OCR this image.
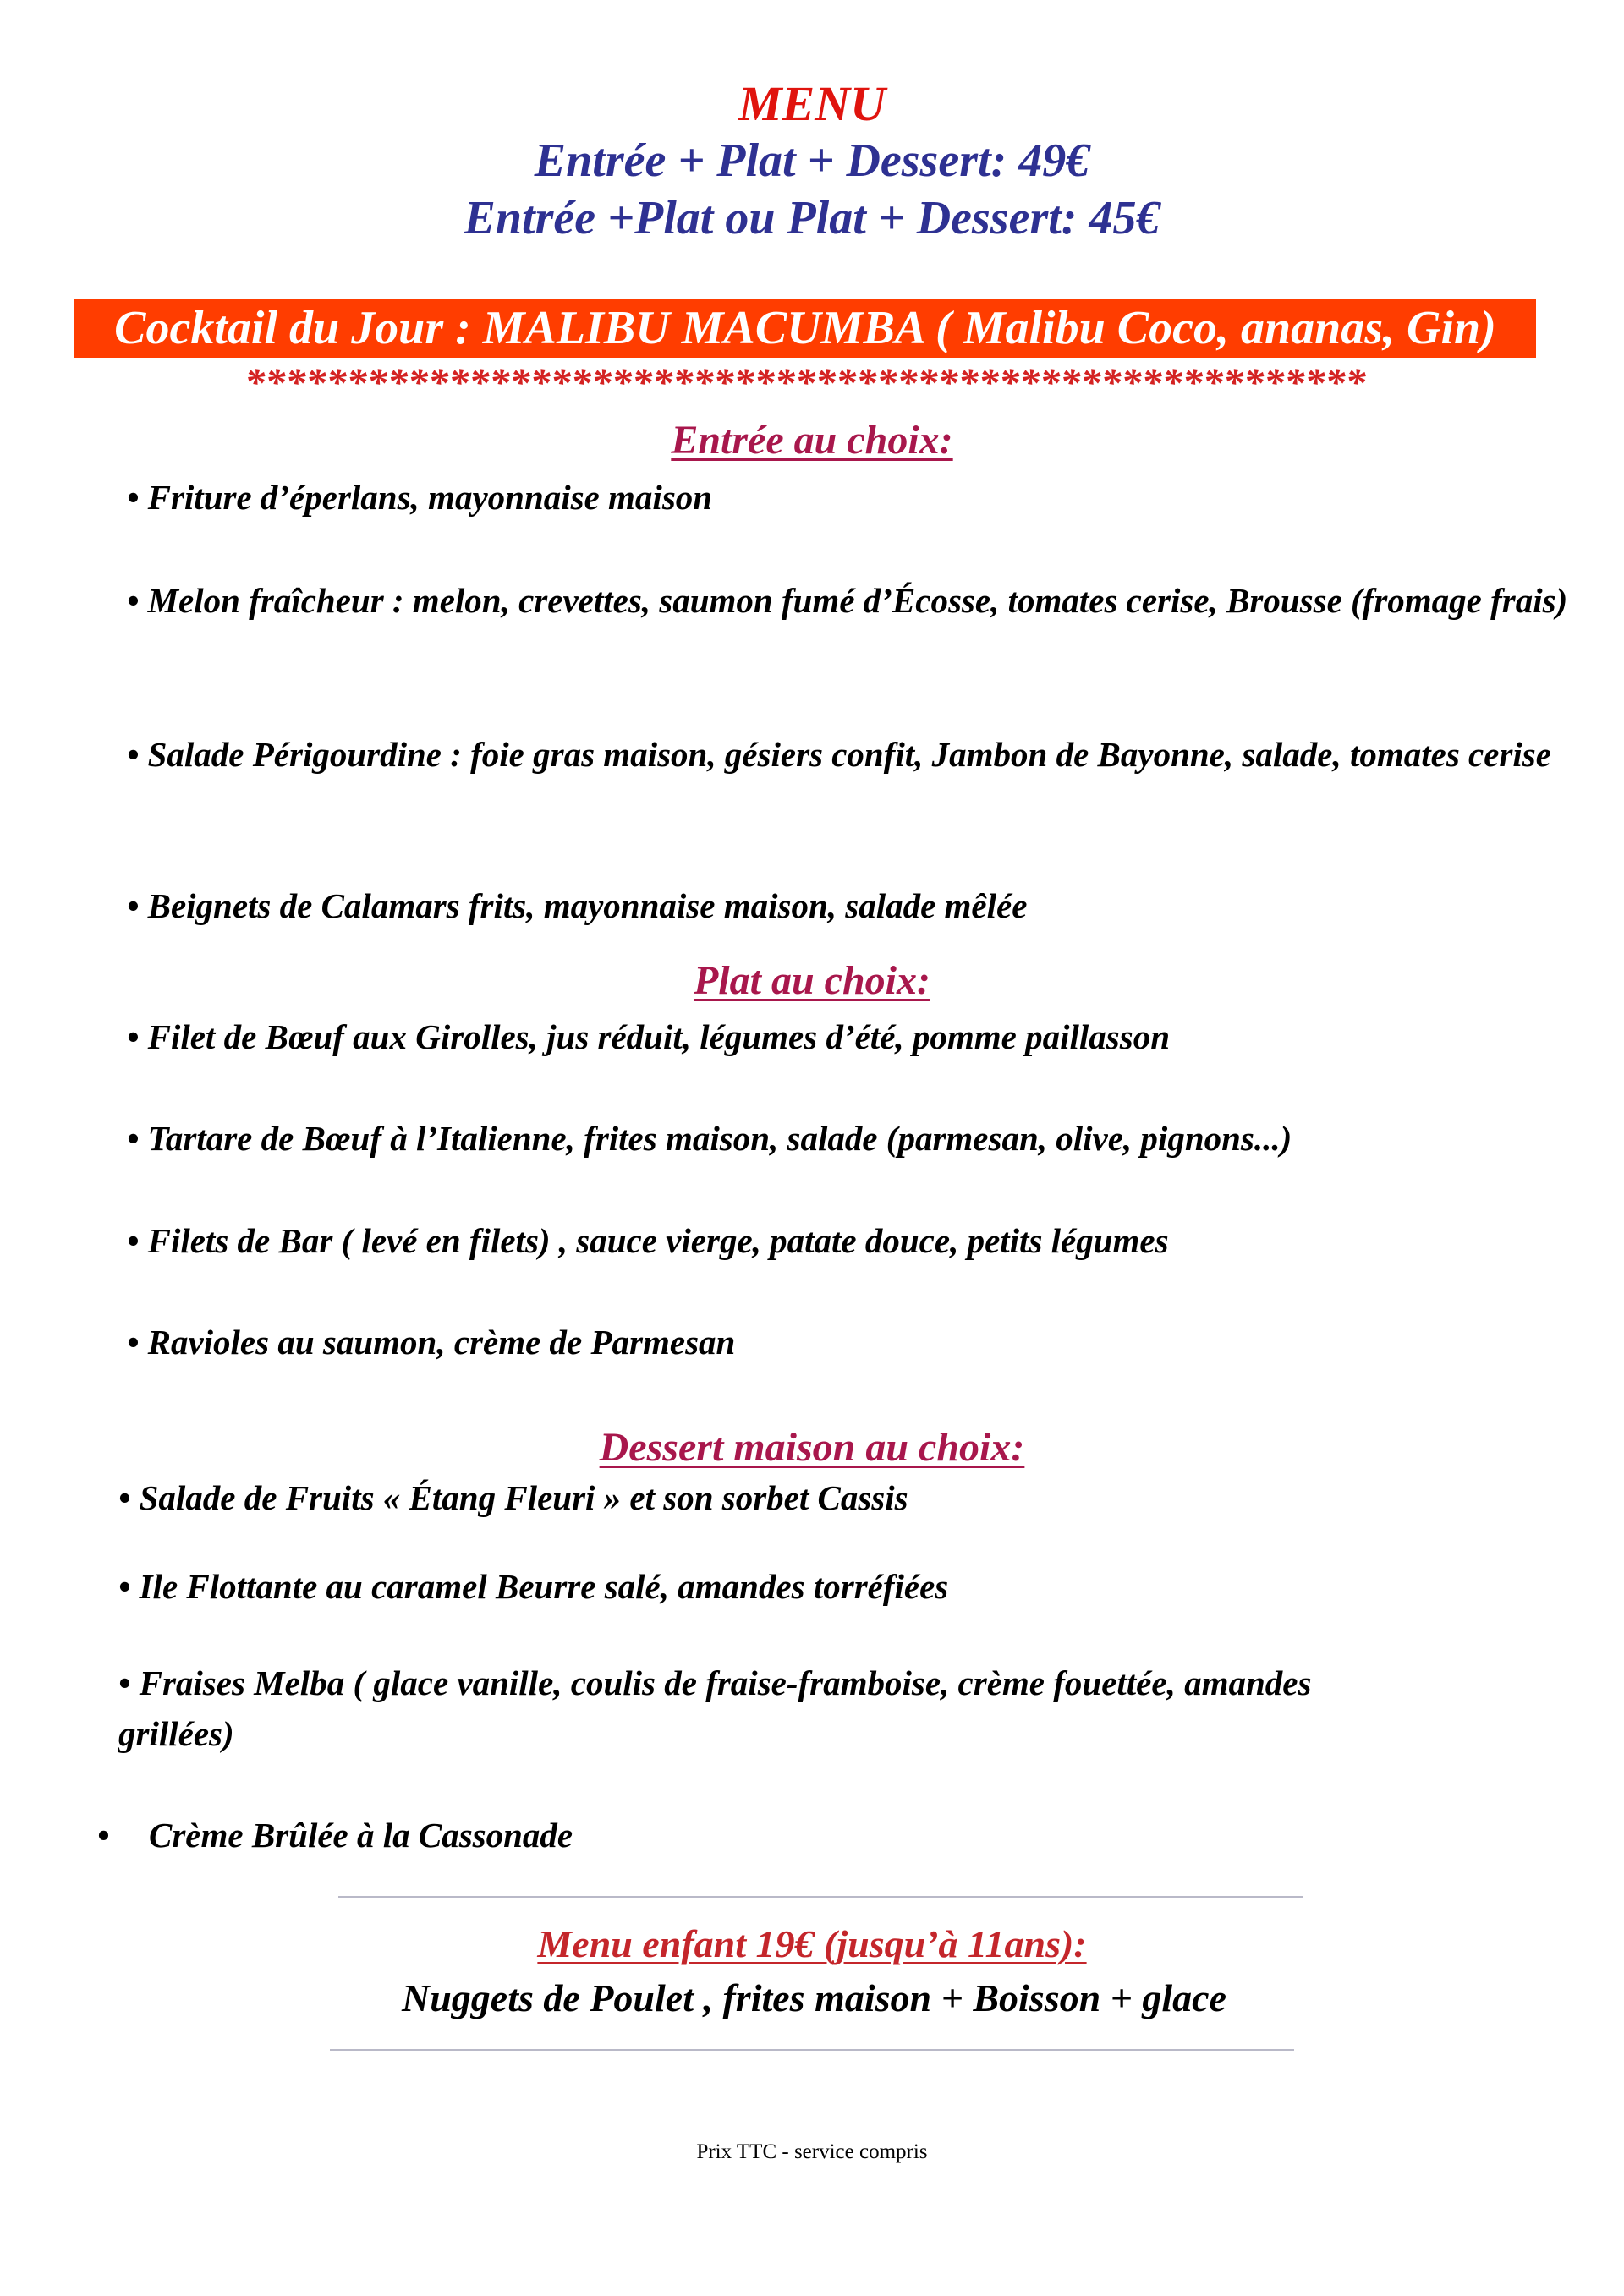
MENU
Entrée + Plat + Dessert: 49€
Entrée +Plat ou Plat + Dessert: 45€
Cocktail du Jour : MALIBU MACUMBA ( Malibu Coco, ananas, Gin)
*******************************************************
Entrée au choix:
• Friture d’éperlans, mayonnaise maison
• Melon fraîcheur : melon, crevettes, saumon fumé d’Écosse, tomates cerise, Brousse (fromage frais)
• Salade Périgourdine : foie gras maison, gésiers confit, Jambon de Bayonne, salade, tomates cerise
• Beignets de Calamars frits, mayonnaise maison, salade mêlée
Plat au choix:
• Filet de Bœuf aux Girolles, jus réduit, légumes d’été, pomme paillasson
• Tartare de Bœuf à l’Italienne, frites maison, salade (parmesan, olive, pignons...)
• Filets de Bar ( levé en filets) , sauce vierge, patate douce, petits légumes
• Ravioles au saumon, crème de Parmesan
Dessert maison au choix:
• Salade de Fruits « Étang Fleuri » et son sorbet Cassis
• Ile Flottante au caramel Beurre salé, amandes torréfiées
• Fraises Melba ( glace vanille, coulis de fraise-framboise, crème fouettée, amandes grillées)
• Crème Brûlée à la Cassonade
Menu enfant 19€ (jusqu’à 11ans):
Nuggets de Poulet , frites maison + Boisson + glace
Prix TTC - service compris
